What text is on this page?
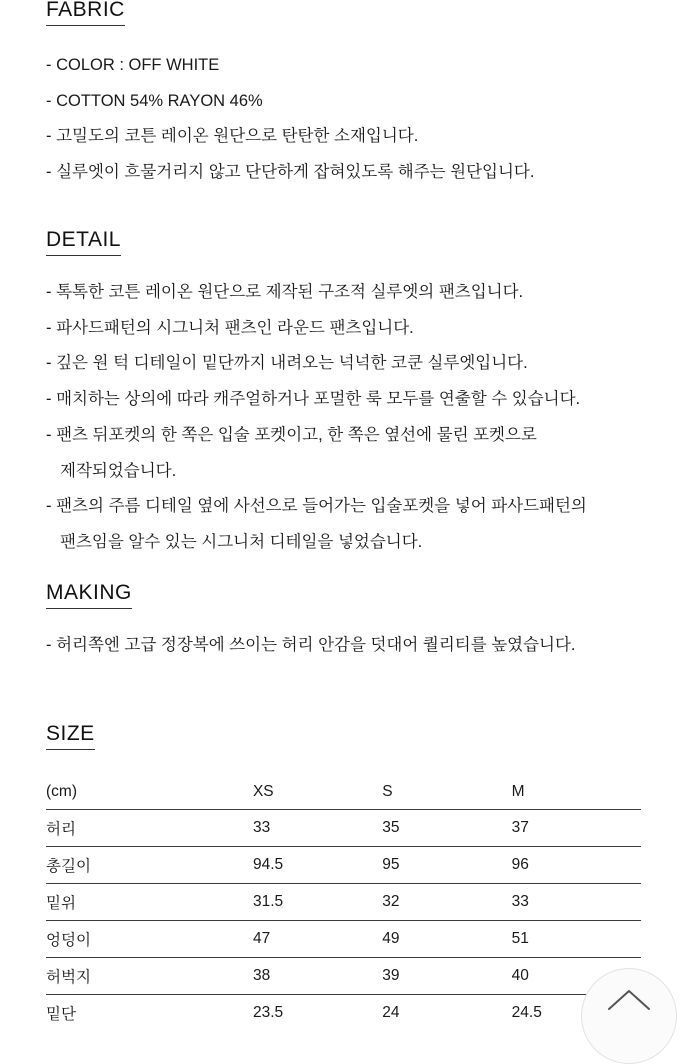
FABRIC

- COLOR : OFF WHITE

- COTTON 54% RAYON 46%

- 고밀도의 코튼 레이온 원단으로 탄탄한 소재입니다.

- 실루엣이 흐물거리지 않고 단단하게 잡혀있도록 해주는 원단입니다.

DETAIL

- 톡톡한 코튼 레이온 원단으로 제작된 구조적 실루엣의 팬츠입니다.

- 파사드패턴의 시그니처 팬츠인 라운드 팬츠입니다.

- 깊은 원 턱 디테일이 밑단까지 내려오는 넉넉한 코쿤 실루엣입니다.

- 매치하는 상의에 따라 캐주얼하거나 포멀한 룩 모두를 연출할 수 있습니다.

- 팬츠 뒤포켓의 한 쪽은 입술 포켓이고, 한 쪽은 옆선에 물린 포켓으로

제작되었습니다.

- 팬츠의 주름 디테일 옆에 사선으로 들어가는 입술포켓을 넣어 파사드패턴의

팬츠임을 알수 있는 시그니처 디테일을 넣었습니다.

MAKING

- 허리쪽엔 고급 정장복에 쓰이는 허리 안감을 덧대어 퀄리티를 높였습니다.

SIZE
(cm)	XS	S	M
허리	33	35	37
총길이	94.5	95	96
밑위	31.5	32	33
엉덩이	47	49	51
허벅지	38	39	40
밑단	23.5	24	24.5
